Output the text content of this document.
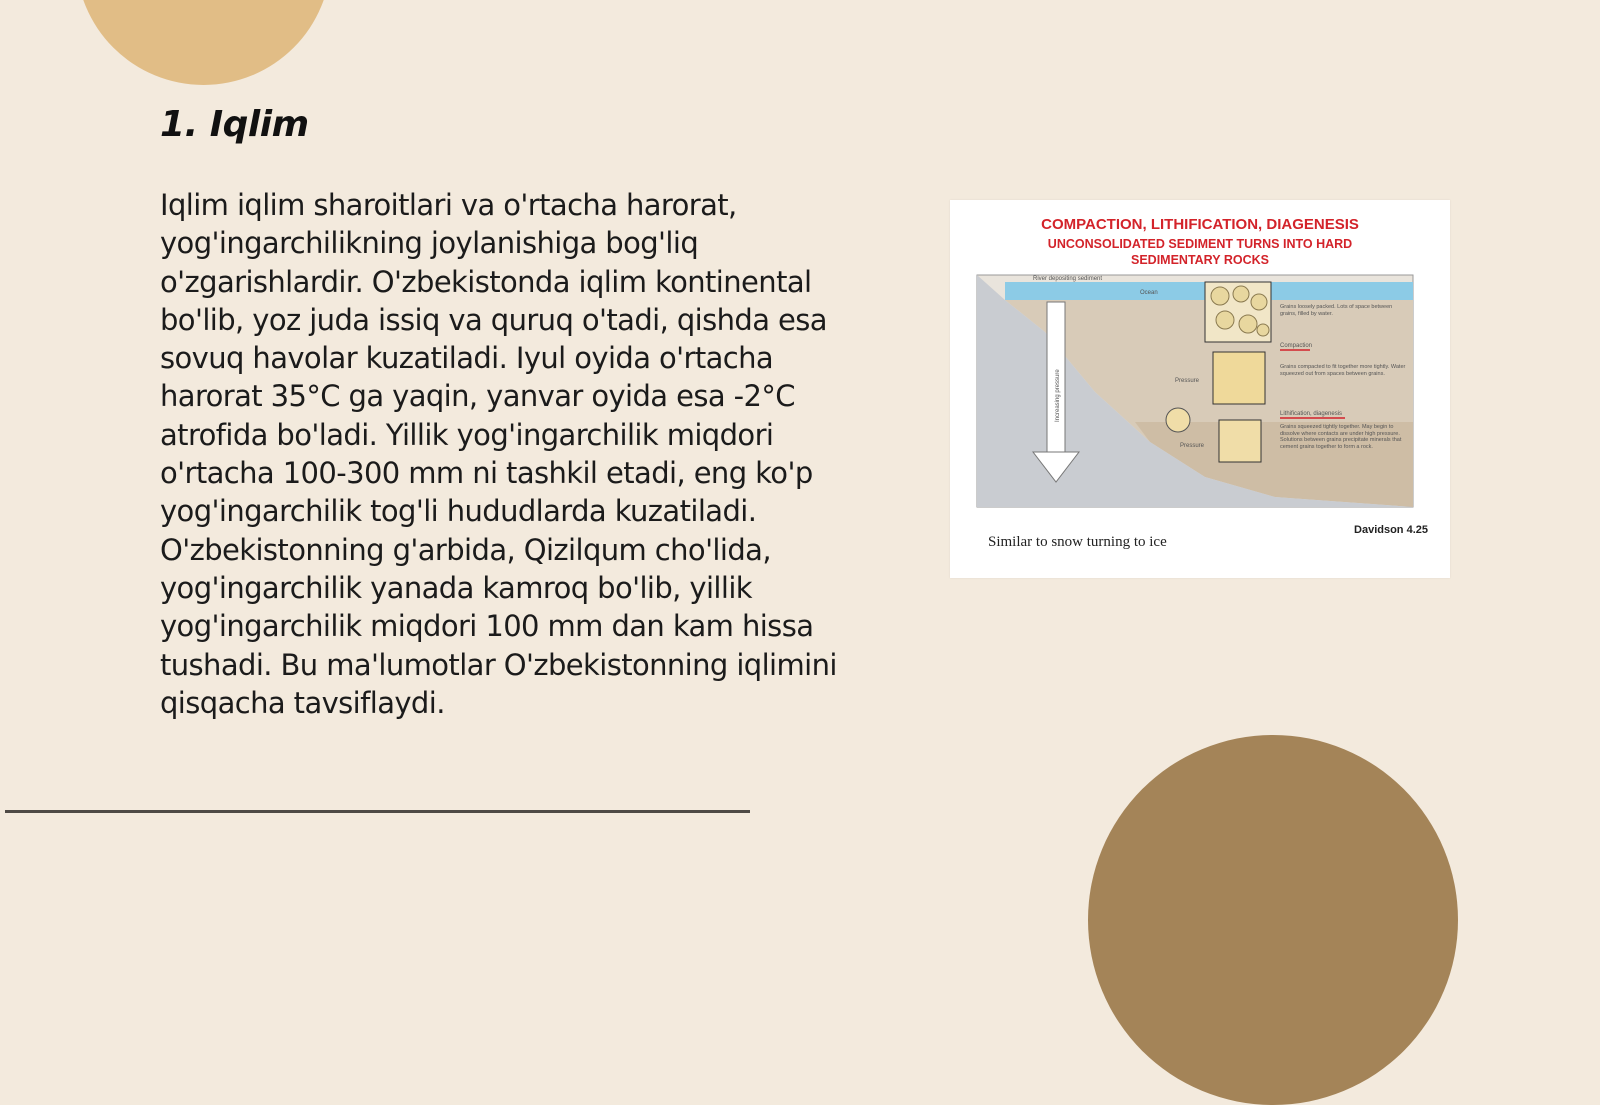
1. Iqlim

Iqlim iqlim sharoitlari va o'rtacha harorat, yog'ingarchilikning joylanishiga bog'liq o'zgarishlardir. O'zbekistonda iqlim kontinental bo'lib, yoz juda issiq va quruq o'tadi, qishda esa sovuq havolar kuzatiladi. Iyul oyida o'rtacha harorat 35°C ga yaqin, yanvar oyida esa -2°C atrofida bo'ladi. Yillik yog'ingarchilik miqdori o'rtacha 100-300 mm ni tashkil etadi, eng ko'p yog'ingarchilik tog'li hududlarda kuzatiladi. O'zbekistonning g'arbida, Qizilqum cho'lida, yog'ingarchilik yanada kamroq bo'lib, yillik yog'ingarchilik miqdori 100 mm dan kam hissa tushadi. Bu ma'lumotlar O'zbekistonning iqlimini qisqacha tavsiflaydi.

COMPACTION, LITHIFICATION, DIAGENESIS
UNCONSOLIDATED SEDIMENT TURNS INTO HARD
SEDIMENTARY ROCKS
Increasing pressure
River depositing sediment
Ocean
Pressure
Pressure
Compaction
Lithification, diagenesis
Grains loosely packed. Lots of space between grains, filled by water.
Grains compacted to fit together more tightly. Water squeezed out from spaces between grains.
Grains squeezed tightly together. May begin to dissolve where contacts are under high pressure. Solutions between grains precipitate minerals that cement grains together to form a rock.
Similar to snow turning to ice
Davidson 4.25
